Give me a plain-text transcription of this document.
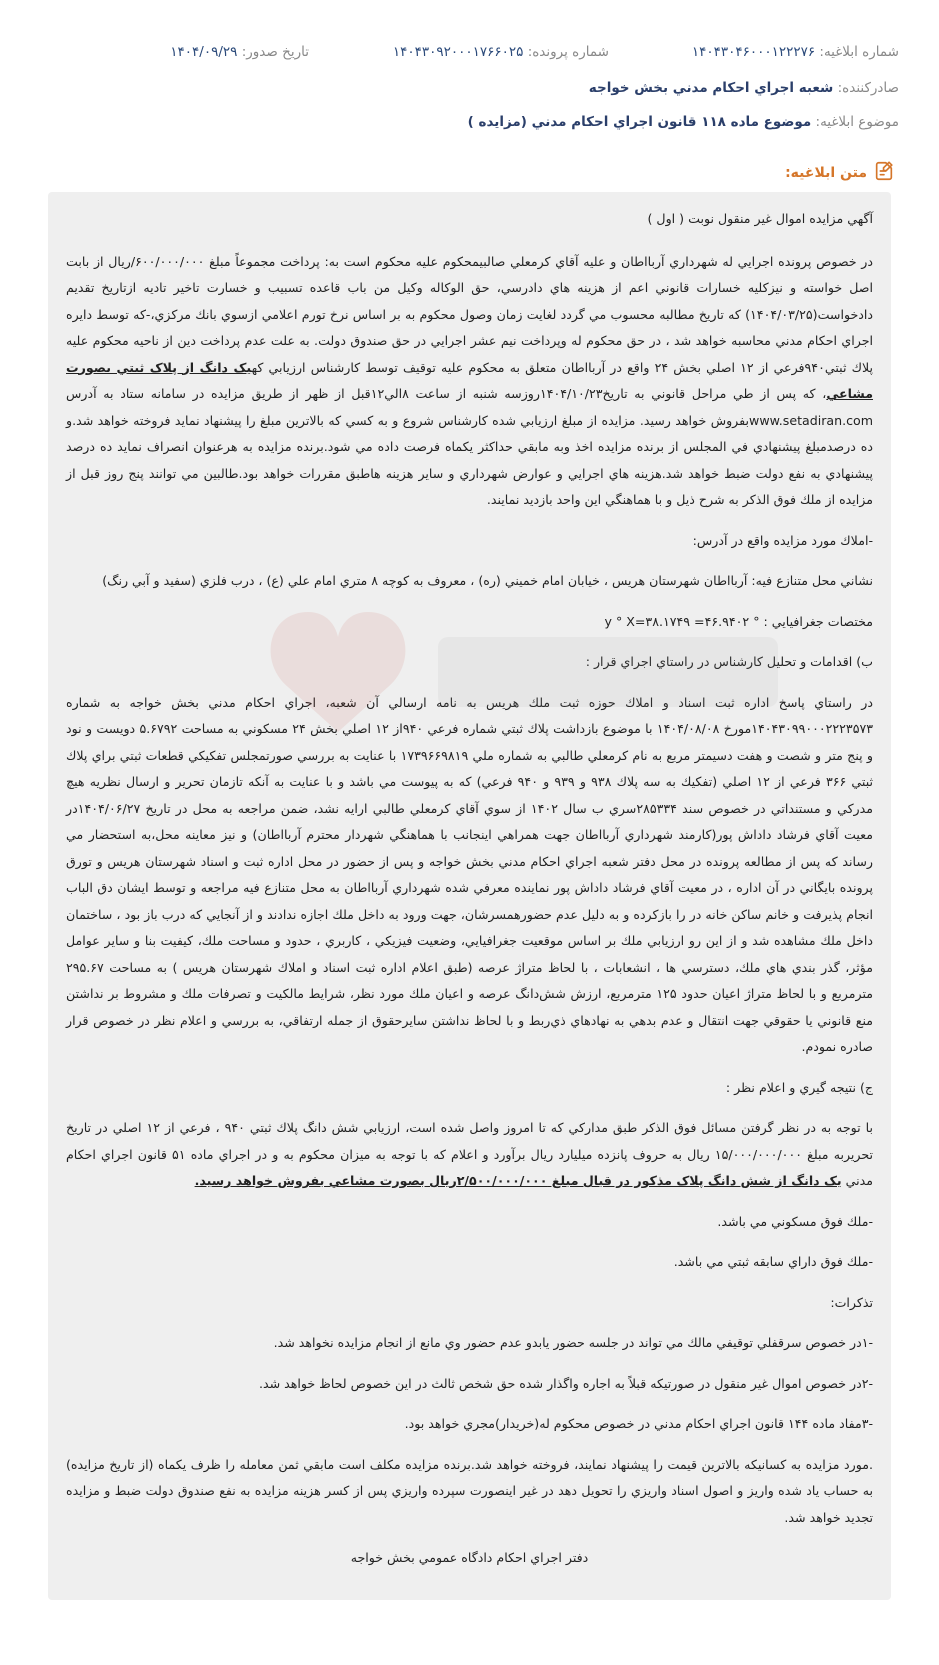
شماره ابلاغيه: ۱۴۰۴۳۰۴۶۰۰۰۱۲۲۲۷۶
شماره پرونده: ۱۴۰۴۳۰۹۲۰۰۰۱۷۶۶۰۲۵
تاريخ صدور: ۱۴۰۴/۰۹/۲۹
صادركننده: شعبه اجراي احكام مدني بخش خواجه
موضوع ابلاغيه: موضوع ماده ۱۱۸ قانون اجراي احكام مدني (مزايده )
متن ابلاغيه:

آگهي مزايده اموال غير منقول نوبت ( اول )

در خصوص پرونده اجرايي له شهرداري آربااطان و عليه آقاي كرمعلي صالبيمحكوم عليه محكوم است به: پرداخت مجموعاً مبلغ ۶۰۰/۰۰۰/۰۰۰/ريال از بابت اصل خواسته و نيزكليه خسارات قانوني اعم از هزينه هاي دادرسي، حق الوكاله وكيل من باب قاعده تسبيب و خسارت تاخير تاديه ازتاريخ تقديم دادخواست(۱۴۰۴/۰۳/۲۵) كه تاريخ مطالبه محسوب مي گردد لغايت زمان وصول محكوم به بر اساس نرخ تورم اعلامي ازسوي بانك مركزي،-كه توسط دايره اجراي احكام مدني محاسبه خواهد شد ، در حق محكوم له وپرداخت نيم عشر اجرايي در حق صندوق دولت. به علت عدم پرداخت دين از ناحيه محكوم عليه پلاك ثبتي۹۴۰فرعي از ۱۲ اصلي بخش ۲۴ واقع در آربااطان متعلق به محكوم عليه توقيف توسط كارشناس ارزيابي كهيک دانگ از پلاک ثبتي بصورت مشاعي، كه پس از طي مراحل قانوني به تاريخ۱۴۰۴/۱۰/۲۳روزسه شنبه از ساعت ۸الي۱۲قبل از ظهر از طريق مزايده در سامانه ستاد به آدرس www.setadiran.comبفروش خواهد رسيد. مزايده از مبلغ ارزيابي شده كارشناس شروع و به كسي كه بالاترين مبلغ را پيشنهاد نمايد فروخته خواهد شد.و ده درصدمبلغ پيشنهادي في المجلس از برنده مزايده اخذ وبه مابقي حداكثر يكماه فرصت داده مي شود.برنده مزايده به هرعنوان انصراف نمايد ده درصد پيشنهادي به نفع دولت ضبط خواهد شد.هزينه هاي اجرايي و عوارض شهرداري و ساير هزينه هاطبق مقررات خواهد بود.طالبين مي توانند پنج روز قبل از مزايده از ملك فوق الذكر به شرح ذيل و با هماهنگي اين واحد بازديد نمايند.

-املاك مورد مزايده واقع در آدرس:

نشاني محل متنازع فيه: آربااطان شهرستان هريس ، خيابان امام خميني (ره) ، معروف به كوچه ۸ متري امام علي (ع) ، درب فلزي (سفيد و آبي رنگ)

مختصات جغرافيايي : ° ۴۶.۹۴۰۲= y ° X=۳۸.۱۷۴۹

ب) اقدامات و تحليل كارشناس در راستاي اجراي قرار :

در راستاي پاسخ اداره ثبت اسناد و املاك حوزه ثبت ملك هريس به نامه ارسالي آن شعبه، اجراي احكام مدني بخش خواجه به شماره ۱۴۰۴۳۰۹۹۰۰۰۲۲۲۳۵۷۳مورخ ۱۴۰۴/۰۸/۰۸ با موضوع بازداشت پلاك ثبتي شماره فرعي ۹۴۰از ۱۲ اصلي بخش ۲۴ مسكوني به مساحت ۵.۶۷۹۲ دويست و نود و پنج متر و شصت و هفت دسيمتر مربع به نام كرمعلي طالبي به شماره ملي ۱۷۳۹۶۶۹۸۱۹ با عنايت به بررسي صورتمجلس تفكيكي قطعات ثبتي براي پلاك ثبتي ۳۶۶ فرعي از ۱۲ اصلي (تفكيك به سه پلاك ۹۳۸ و ۹۳۹ و ۹۴۰ فرعي) كه به پيوست مي باشد و با عنايت به آنكه تازمان تحرير و ارسال نظريه هيچ مدركي و مستنداتي در خصوص سند ۲۸۵۳۳۴سري ب سال ۱۴۰۲ از سوي آقاي كرمعلي طالبي ارايه نشد، ضمن مراجعه به محل در تاريخ ۱۴۰۴/۰۶/۲۷در معيت آقاي فرشاد داداش پور(كارمند شهرداري آربااطان جهت همراهي اينجانب با هماهنگي شهردار محترم آربااطان) و نيز معاينه محل،به استحضار مي رساند كه پس از مطالعه پرونده در محل دفتر شعبه اجراي احكام مدني بخش خواجه و پس از حضور در محل اداره ثبت و اسناد شهرستان هريس و تورق پرونده بايگاني در آن اداره ، در معيت آقاي فرشاد داداش پور نماينده معرفي شده شهرداري آربااطان به محل متنازع فيه مراجعه و توسط ايشان دق الباب انجام پذيرفت و خانم ساكن خانه در را بازكرده و به دليل عدم حضورهمسرشان، جهت ورود به داخل ملك اجازه ندادند و از آنجايي كه درب باز بود ، ساختمان داخل ملك مشاهده شد و از اين رو ارزيابي ملك بر اساس موقعيت جغرافيايي، وضعيت فيزيكي ، كاربري ، حدود و مساحت ملك، كيفيت بنا و ساير عوامل مؤثر، گذر بندي هاي ملك، دسترسي ها ، انشعابات ، با لحاظ متراژ عرصه (طبق اعلام اداره ثبت اسناد و املاك شهرستان هريس ) به مساحت ۲۹۵.۶۷ مترمربع و با لحاظ متراژ اعيان حدود ۱۲۵ مترمربع، ارزش شش‌دانگ عرصه و اعيان ملك مورد نظر، شرايط مالكيت و تصرفات ملك و مشروط بر نداشتن منع قانوني يا حقوقي جهت انتقال و عدم بدهي به نهادهاي ذي‌ربط و با لحاظ نداشتن سايرحقوق از جمله ارتفاقي، به بررسي و اعلام نظر در خصوص قرار صادره نمودم.

ج) نتيجه گيري و اعلام نظر :

با توجه به در نظر گرفتن مسائل فوق الذكر طبق مداركي كه تا امروز واصل شده است، ارزيابي شش دانگ پلاك ثبتي ۹۴۰ ، فرعي از ۱۲ اصلي در تاريخ تحريربه مبلغ ۱۵/۰۰۰/۰۰۰/۰۰۰ ريال به حروف پانزده ميليارد ريال برآورد و اعلام كه با توجه به ميزان محكوم به و در اجراي ماده ۵۱ قانون اجراي احكام مدني يک دانگ از شش دانگ پلاک مذکور در قبال مبلغ ۲/۵۰۰/۰۰۰/۰۰۰ريال بصورت مشاعي بفروش خواهد رسيد.

-ملك فوق مسكوني مي باشد.

-ملك فوق داراي سابقه ثبتي مي باشد.

تذكرات:

-۱در خصوص سرقفلي توقيفي مالك مي تواند در جلسه حضور يابدو عدم حضور وي مانع از انجام مزايده نخواهد شد.

-۲در خصوص اموال غير منقول در صورتيكه قبلاً به اجاره واگذار شده حق شخص ثالث در اين خصوص لحاظ خواهد شد.

-۳مفاد ماده ۱۴۴ قانون اجراي احكام مدني در خصوص محكوم له(خريدار)مجري خواهد بود.

.مورد مزايده به كسانيكه بالاترين قيمت را پيشنهاد نمايند، فروخته خواهد شد.برنده مزايده مكلف است مابقي ثمن معامله را ظرف يكماه (از تاريخ مزايده) به حساب ياد شده واريز و اصول اسناد واريزي را تحويل دهد در غير اينصورت سپرده واريزي پس از كسر هزينه مزايده به نفع صندوق دولت ضبط و مزايده تجديد خواهد شد.

دفتر اجراي احكام دادگاه عمومي بخش خواجه
